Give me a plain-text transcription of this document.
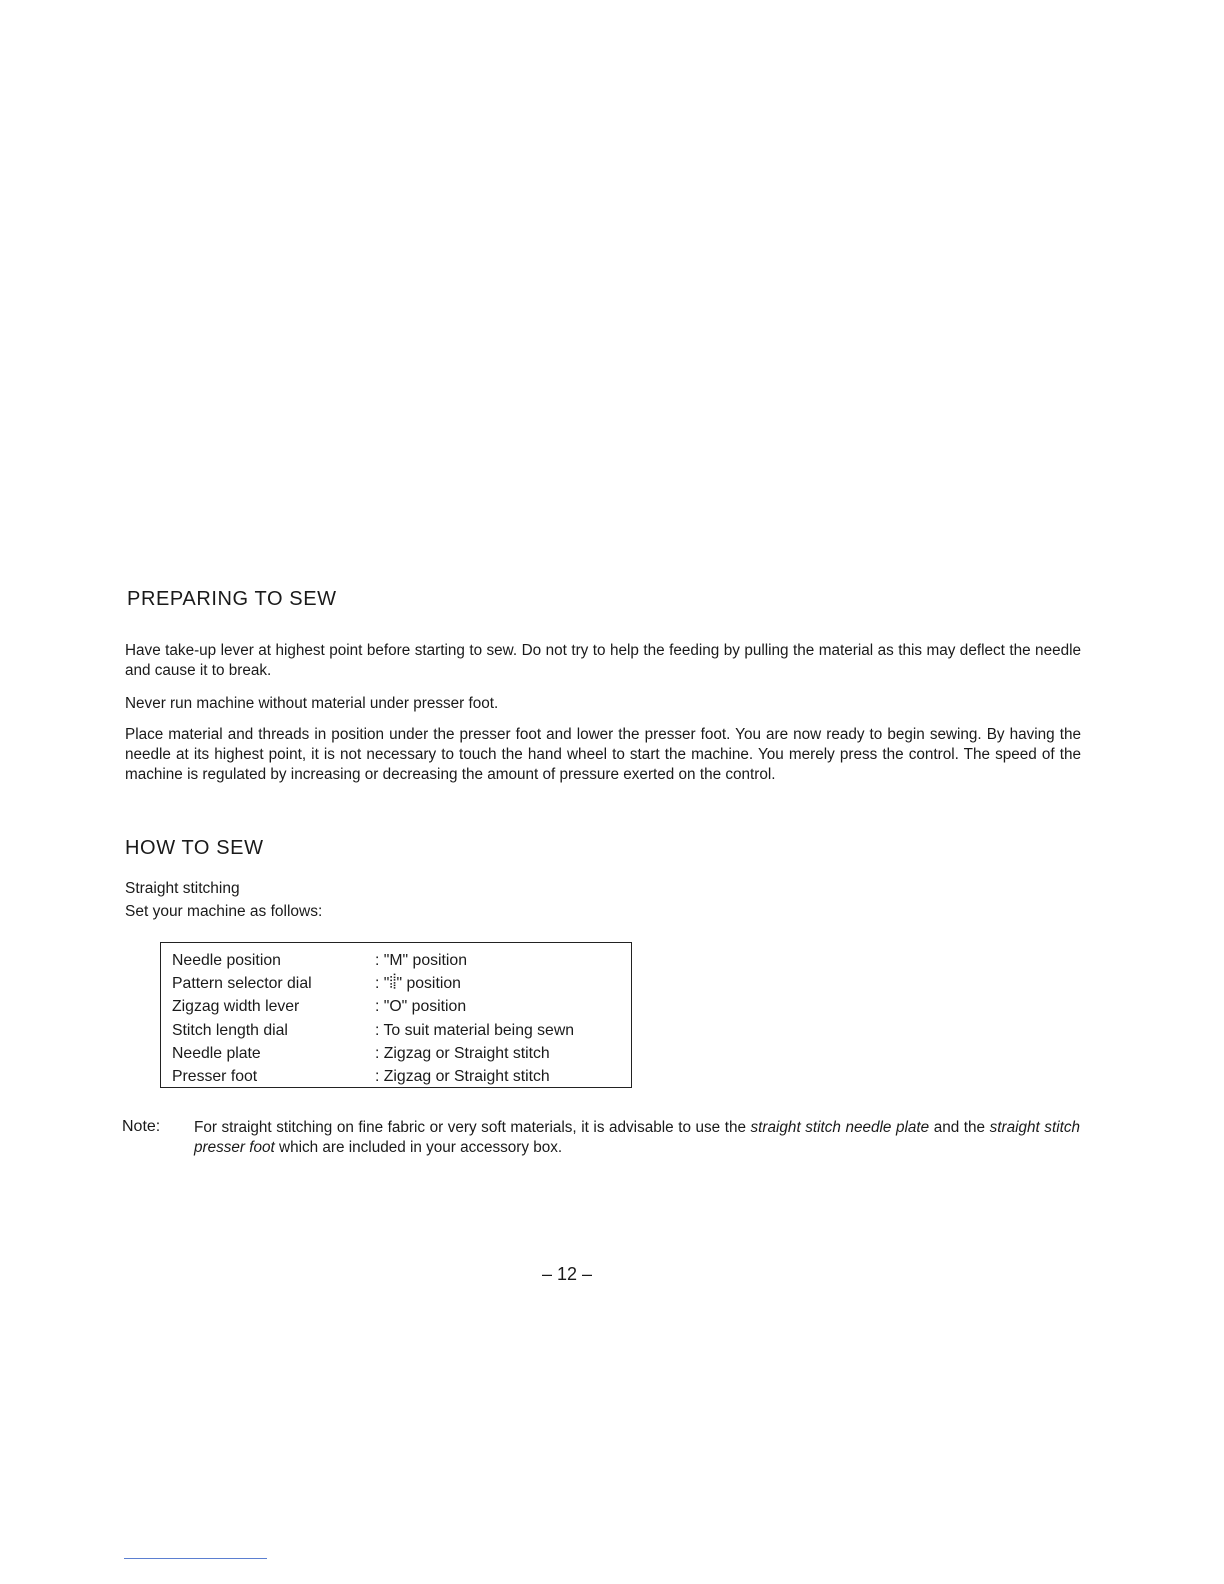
PREPARING TO SEW

Have take-up lever at highest point before starting to sew. Do not try to help the feeding by pulling the material as this may deflect the needle and cause it to break.

Never run machine without material under presser foot.

Place material and threads in position under the presser foot and lower the presser foot. You are now ready to begin sewing. By having the needle at its highest point, it is not necessary to touch the hand wheel to start the machine. You merely press the control. The speed of the machine is regulated by increasing or decreasing the amount of pressure exerted on the control.

HOW TO SEW

Straight stitching

Set your machine as follows:

Needle position	: "M" position
Pattern selector dial	: "⦙⸽" position
Zigzag width lever	: "O" position
Stitch length dial	: To suit material being sewn
Needle plate	: Zigzag or Straight stitch
Presser foot	: Zigzag or Straight stitch

Note: For straight stitching on fine fabric or very soft materials, it is advisable to use the straight stitch needle plate and the straight stitch presser foot which are included in your accessory box.

– 12 –
